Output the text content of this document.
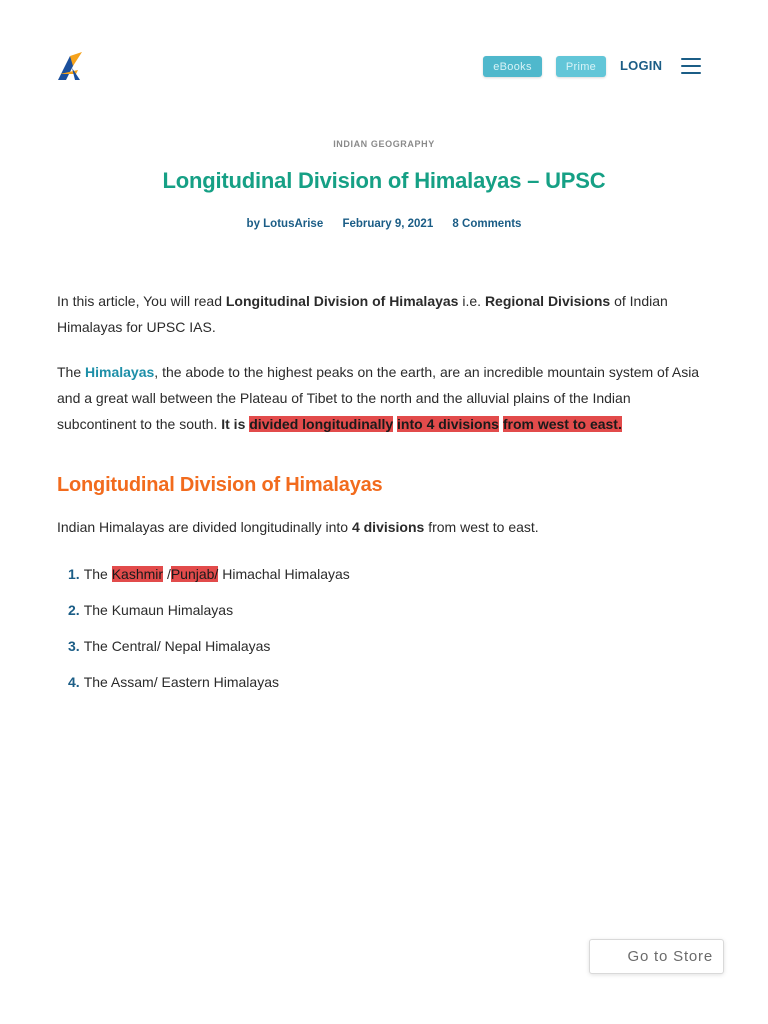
eBooks	Prime	LOGIN
INDIAN GEOGRAPHY
Longitudinal Division of Himalayas – UPSC
by LotusArise February 9, 2021 8 Comments

In this article, You will read Longitudinal Division of Himalayas i.e. Regional Divisions of Indian Himalayas for UPSC IAS.

The Himalayas, the abode to the highest peaks on the earth, are an incredible mountain system of Asia and a great wall between the Plateau of Tibet to the north and the alluvial plains of the Indian subcontinent to the south. It is divided longitudinally into 4 divisions from west to east.

Longitudinal Division of Himalayas

Indian Himalayas are divided longitudinally into 4 divisions from west to east.

1. The Kashmir /Punjab/ Himachal Himalayas
2. The Kumaun Himalayas
3. The Central/ Nepal Himalayas
4. The Assam/ Eastern Himalayas
Go to Store
